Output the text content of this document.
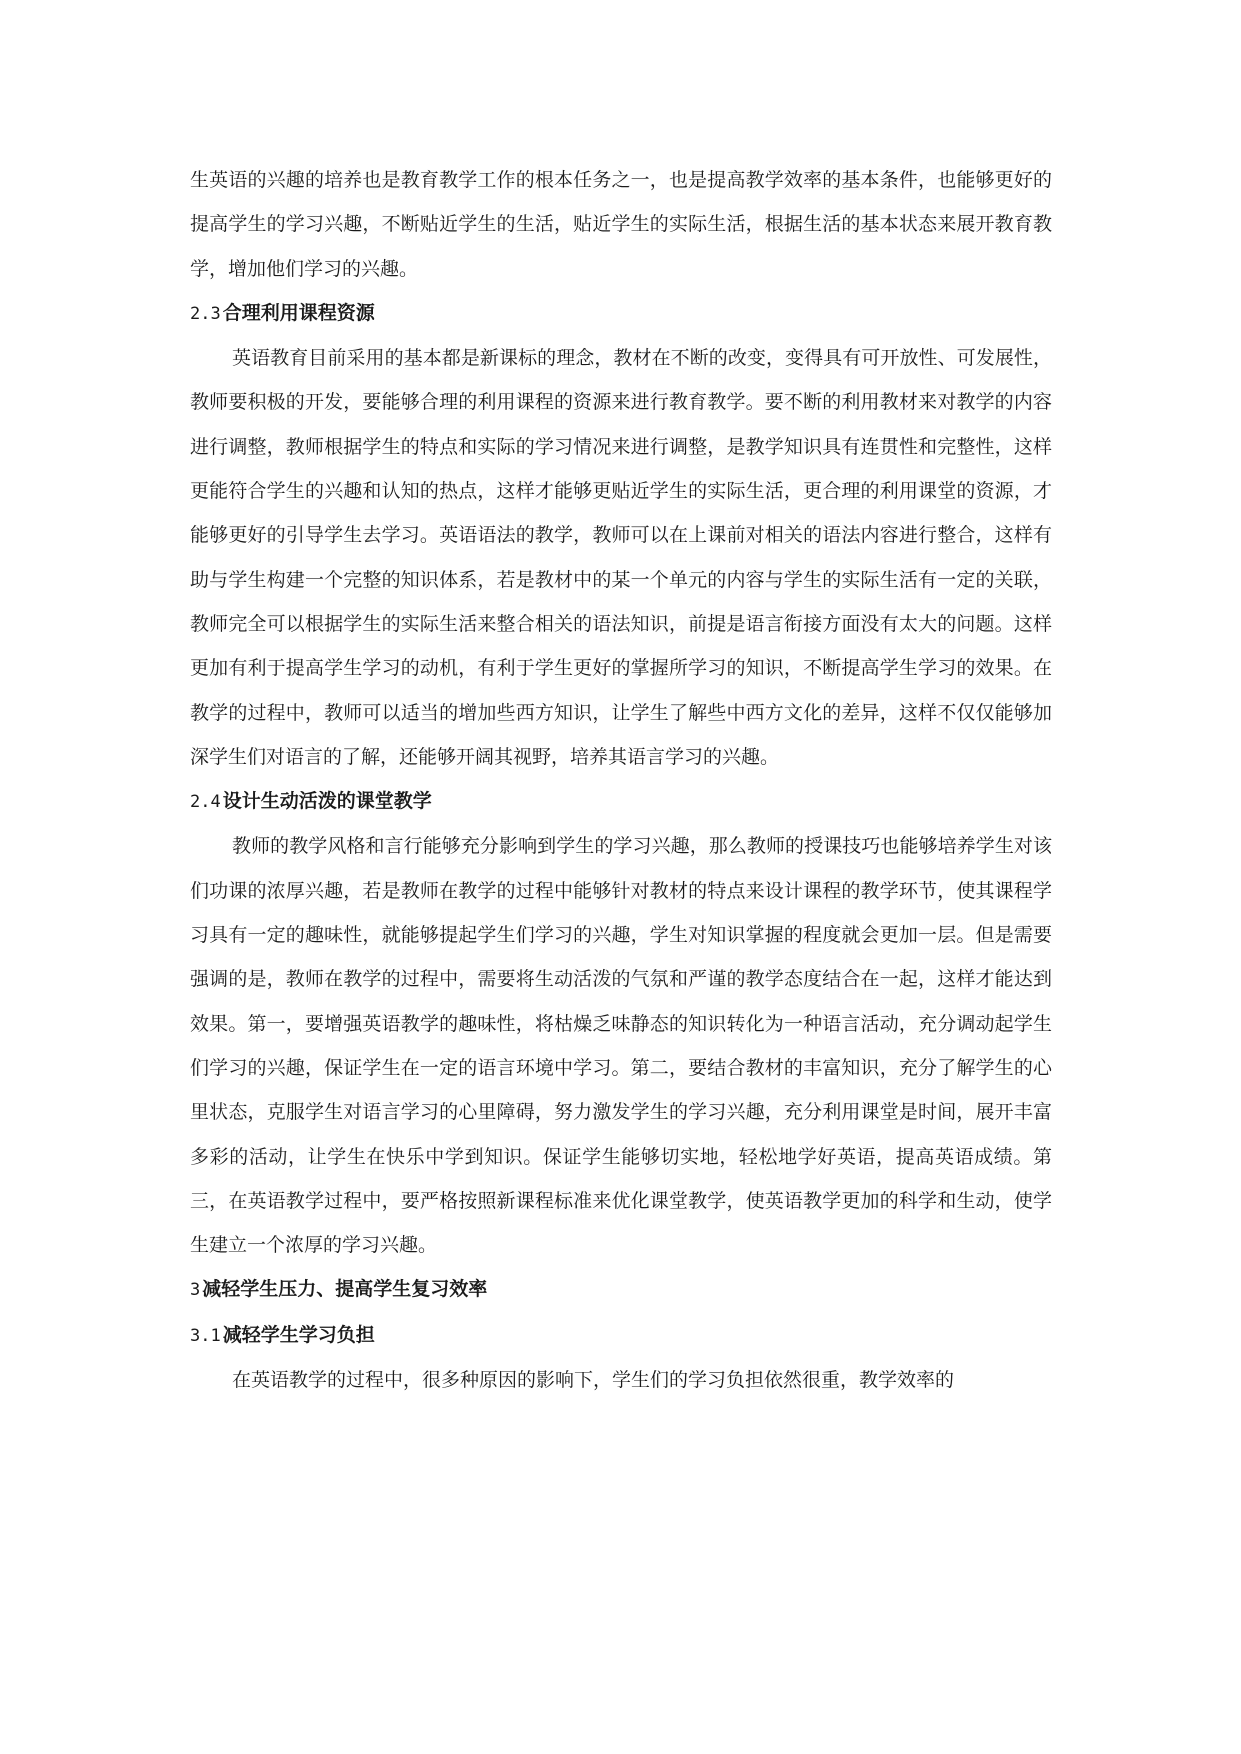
生英语的兴趣的培养也是教育教学工作的根本任务之一，也是提高教学效率的基本条件，也能够更好的提高学生的学习兴趣，不断贴近学生的生活，贴近学生的实际生活，根据生活的基本状态来展开教育教学，增加他们学习的兴趣。

2.3 合理利用课程资源

英语教育目前采用的基本都是新课标的理念，教材在不断的改变，变得具有可开放性、可发展性，教师要积极的开发，要能够合理的利用课程的资源来进行教育教学。要不断的利用教材来对教学的内容进行调整，教师根据学生的特点和实际的学习情况来进行调整，是教学知识具有连贯性和完整性，这样更能符合学生的兴趣和认知的热点，这样才能够更贴近学生的实际生活，更合理的利用课堂的资源，才能够更好的引导学生去学习。英语语法的教学，教师可以在上课前对相关的语法内容进行整合，这样有助与学生构建一个完整的知识体系，若是教材中的某一个单元的内容与学生的实际生活有一定的关联，教师完全可以根据学生的实际生活来整合相关的语法知识，前提是语言衔接方面没有太大的问题。这样更加有利于提高学生学习的动机，有利于学生更好的掌握所学习的知识，不断提高学生学习的效果。在教学的过程中，教师可以适当的增加些西方知识，让学生了解些中西方文化的差异，这样不仅仅能够加深学生们对语言的了解，还能够开阔其视野，培养其语言学习的兴趣。

2.4 设计生动活泼的课堂教学

教师的教学风格和言行能够充分影响到学生的学习兴趣，那么教师的授课技巧也能够培养学生对该们功课的浓厚兴趣，若是教师在教学的过程中能够针对教材的特点来设计课程的教学环节，使其课程学习具有一定的趣味性，就能够提起学生们学习的兴趣，学生对知识掌握的程度就会更加一层。但是需要强调的是，教师在教学的过程中，需要将生动活泼的气氛和严谨的教学态度结合在一起，这样才能达到效果。第一，要增强英语教学的趣味性，将枯燥乏味静态的知识转化为一种语言活动，充分调动起学生们学习的兴趣，保证学生在一定的语言环境中学习。第二，要结合教材的丰富知识，充分了解学生的心里状态，克服学生对语言学习的心里障碍，努力激发学生的学习兴趣，充分利用课堂是时间，展开丰富多彩的活动，让学生在快乐中学到知识。保证学生能够切实地，轻松地学好英语，提高英语成绩。第三，在英语教学过程中，要严格按照新课程标准来优化课堂教学，使英语教学更加的科学和生动，使学生建立一个浓厚的学习兴趣。

3 减轻学生压力、提高学生复习效率
3.1 减轻学生学习负担

在英语教学的过程中，很多种原因的影响下，学生们的学习负担依然很重，教学效率的
